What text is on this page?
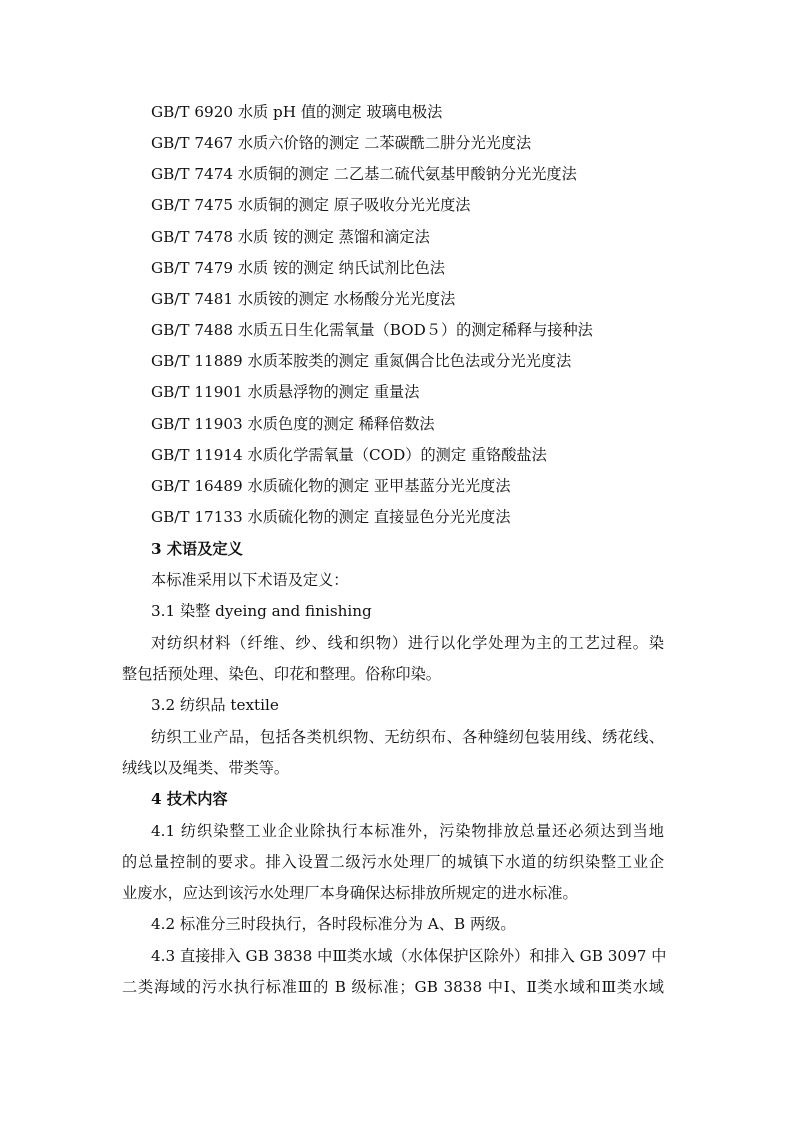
GB/T 6920 水质 pH 值的测定 玻璃电极法
GB/T 7467 水质六价铬的测定 二苯碳酰二肼分光光度法
GB/T 7474 水质铜的测定 二乙基二硫代氨基甲酸钠分光光度法
GB/T 7475 水质铜的测定 原子吸收分光光度法
GB/T 7478 水质 铵的测定 蒸馏和滴定法
GB/T 7479 水质 铵的测定 纳氏试剂比色法
GB/T 7481 水质铵的测定 水杨酸分光光度法
GB/T 7488 水质五日生化需氧量（BOD５）的测定稀释与接种法
GB/T 11889 水质苯胺类的测定 重氮偶合比色法或分光光度法
GB/T 11901 水质悬浮物的测定 重量法
GB/T 11903 水质色度的测定 稀释倍数法
GB/T 11914 水质化学需氧量（COD）的测定 重铬酸盐法
GB/T 16489 水质硫化物的测定 亚甲基蓝分光光度法
GB/T 17133 水质硫化物的测定 直接显色分光光度法
3 术语及定义
本标准采用以下术语及定义：
3.1 染整 dyeing and finishing
对纺织材料（纤维、纱、线和织物）进行以化学处理为主的工艺过程。染
整包括预处理、染色、印花和整理。俗称印染。
3.2 纺织品 textile
纺织工业产品，包括各类机织物、无纺织布、各种缝纫包装用线、绣花线、
绒线以及绳类、带类等。
4 技术内容
4.1 纺织染整工业企业除执行本标准外，污染物排放总量还必须达到当地
的总量控制的要求。排入设置二级污水处理厂的城镇下水道的纺织染整工业企
业废水，应达到该污水处理厂本身确保达标排放所规定的进水标准。
4.2 标准分三时段执行，各时段标准分为 A、B 两级。
4.3 直接排入 GB 3838 中Ⅲ类水域（水体保护区除外）和排入 GB 3097 中
二类海域的污水执行标准Ⅲ的 B 级标准；GB 3838 中Ⅰ、Ⅱ类水域和Ⅲ类水域
